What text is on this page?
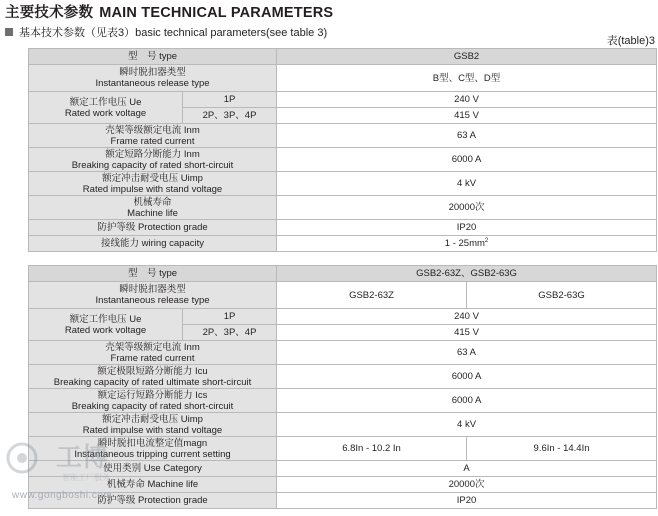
主要技术参数 MAIN TECHNICAL PARAMETERS
基本技术参数（见表3）basic technical parameters(see table 3)
表(table)3
型　号 type		GSB2

瞬时脱扣器类型
Instantaneous release type		B型、C型、D型

额定工作电压 Ue
Rated work voltage	1P	240 V
	2P、3P、4P	415 V

壳架等级额定电流 Inm
Frame rated current		63 A

额定短路分断能力 Inm
Breaking capacity of rated short-circuit		6000 A

额定冲击耐受电压 Uimp
Rated impulse with stand voltage		4 kV

机械寿命
Machine life		20000次
防护等级 Protection grade		IP20
接线能力 wiring capacity		$1 - 25mm^2$
型　号 type		GSB2-63Z、GSB2-63G	

瞬时脱扣器类型
Instantaneous release type		GSB2-63Z	GSB2-63G

额定工作电压 Ue
Rated work voltage	1P	240 V	
	2P、3P、4P	415 V	

壳架等级额定电流 Inm
Frame rated current		63 A	

额定极限短路分断能力 Icu
Breaking capacity of rated ultimate short-circuit		6000 A	

额定运行短路分断能力 Ics
Breaking capacity of rated short-circuit		6000 A	

额定冲击耐受电压 Uimp
Rated impulse with stand voltage		4 kV	

瞬时脱扣电流整定值magn
Instantaneous tripping current setting		6.8In - 10.2 In	9.6In - 14.4In
使用类别 Use Category		A	
机械寿命 Machine life		20000次	
防护等级 Protection grade		IP20	
工博
智能工厂服务
www.gongboshi.com
